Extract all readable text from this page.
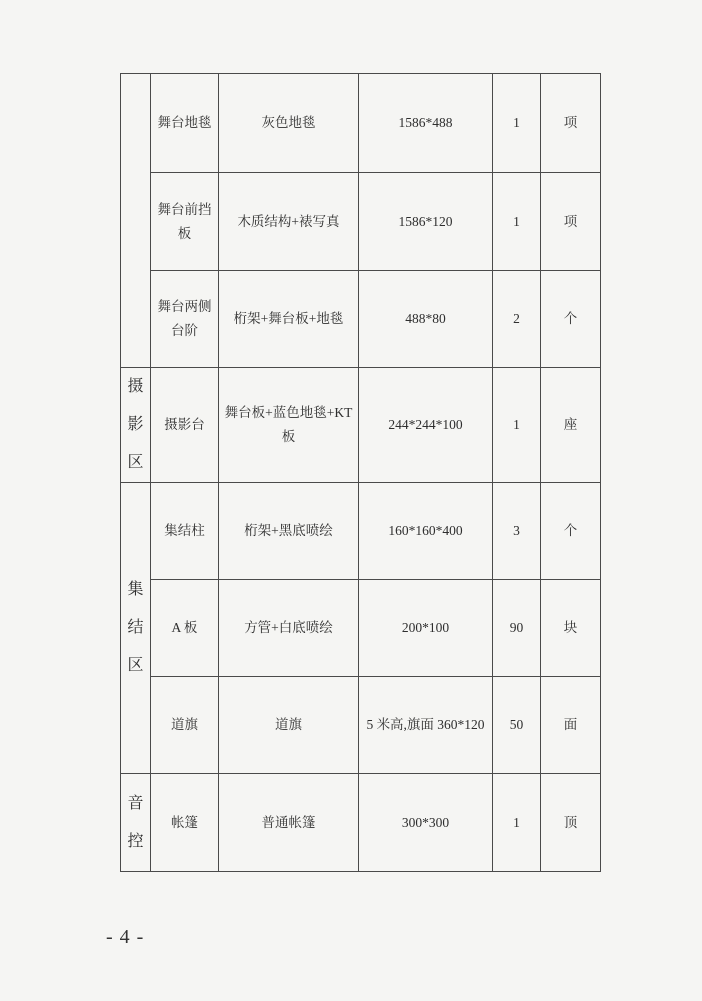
	舞台地毯	灰色地毯	1586*488	1	项
	舞台前挡板	木质结构+裱写真	1586*120	1	项
	舞台两侧台阶	桁架+舞台板+地毯	488*80	2	个

摄影区	摄影台	舞台板+蓝色地毯+KT板	244*244*100	1	座

集结区	集结柱	桁架+黑底喷绘	160*160*400	3	个
	A 板	方管+白底喷绘	200*100	90	块
	道旗	道旗	5 米高,旗面 360*120	50	面

音控	帐篷	普通帐篷	300*300	1	顶
- 4 -
